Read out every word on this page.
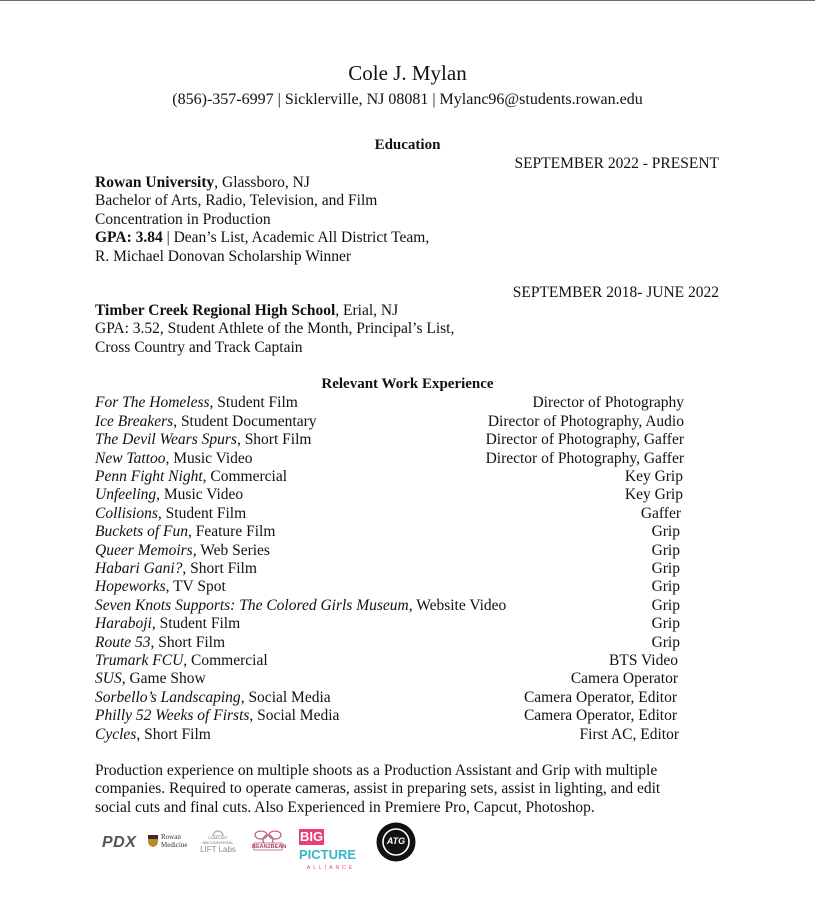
Cole J. Mylan
(856)-357-6997 | Sicklerville, NJ 08081 | Mylanc96@students.rowan.edu
Education
SEPTEMBER 2022 - PRESENT
Rowan University, Glassboro, NJ
Bachelor of Arts, Radio, Television, and Film
Concentration in Production
GPA: 3.84 | Dean’s List, Academic All District Team,
R. Michael Donovan Scholarship Winner
SEPTEMBER 2018- JUNE 2022
Timber Creek Regional High School, Erial, NJ
GPA: 3.52, Student Athlete of the Month, Principal’s List,
Cross Country and Track Captain
Relevant Work Experience
For The Homeless, Student Film	Director of Photography
Ice Breakers, Student Documentary	Director of Photography, Audio
The Devil Wears Spurs, Short Film	Director of Photography, Gaffer
New Tattoo, Music Video	Director of Photography, Gaffer
Penn Fight Night, Commercial	Key Grip
Unfeeling, Music Video	Key Grip
Collisions, Student Film	Gaffer
Buckets of Fun, Feature Film	Grip
Queer Memoirs, Web Series	Grip
Habari Gani?, Short Film	Grip
Hopeworks, TV Spot	Grip
Seven Knots Supports: The Colored Girls Museum, Website Video	Grip
Haraboji, Student Film	Grip
Route 53, Short Film	Grip
Trumark FCU, Commercial	BTS Video
SUS, Game Show	Camera Operator
Sorbello’s Landscaping, Social Media	Camera Operator, Editor
Philly 52 Weeks of Firsts, Social Media	Camera Operator, Editor
Cycles, Short Film	First AC, Editor
Production experience on multiple shoots as a Production Assistant and Grip with multiple
companies. Required to operate cameras, assist in preparing sets, assist in lighting, and edit
social cuts and final cuts. Also Experienced in Premiere Pro, Capcut, Photoshop.
PDX	Rowan
Medicine
COMCAST
NBCUNIVERSAL
LIFT Labs	BEAN2BEAN
BIGPICTURE
ALLIANCE
ATG
